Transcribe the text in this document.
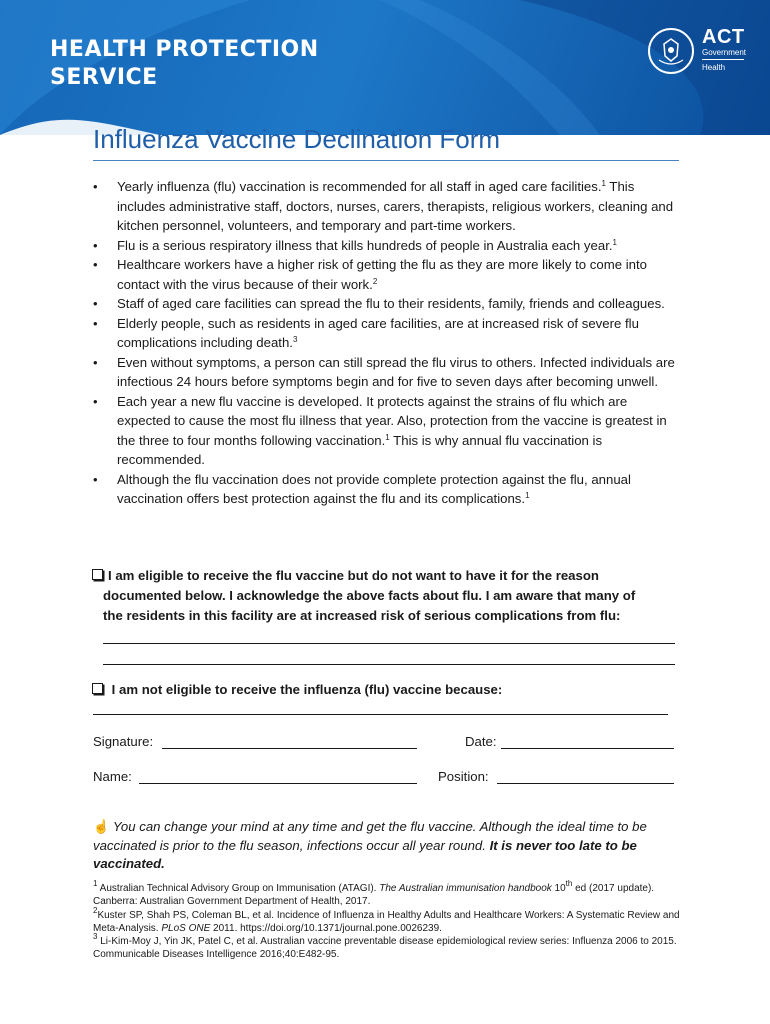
HEALTH PROTECTION
SERVICE
ACT
Government
Health
Influenza Vaccine Declination Form
• Yearly influenza (flu) vaccination is recommended for all staff in aged care facilities.$^1$ This includes administrative staff, doctors, nurses, carers, therapists, religious workers, cleaning and kitchen personnel, volunteers, and temporary and part-time workers.
• Flu is a serious respiratory illness that kills hundreds of people in Australia each year.$^1$
• Healthcare workers have a higher risk of getting the flu as they are more likely to come into contact with the virus because of their work.$^2$
• Staff of aged care facilities can spread the flu to their residents, family, friends and colleagues.
• Elderly people, such as residents in aged care facilities, are at increased risk of severe flu complications including death.$^3$
• Even without symptoms, a person can still spread the flu virus to others. Infected individuals are infectious 24 hours before symptoms begin and for five to seven days after becoming unwell.
• Each year a new flu vaccine is developed. It protects against the strains of flu which are expected to cause the most flu illness that year. Also, protection from the vaccine is greatest in the three to four months following vaccination.$^1$ This is why annual flu vaccination is recommended.
• Although the flu vaccination does not provide complete protection against the flu, annual vaccination offers best protection against the flu and its complications.$^1$
I am eligible to receive the flu vaccine but do not want to have it for the reason
documented below. I acknowledge the above facts about flu. I am aware that many of
the residents in this facility are at increased risk of serious complications from flu:
I am not eligible to receive the influenza (flu) vaccine because:
Signature:	Date:
Name:	Position:
☝ You can change your mind at any time and get the flu vaccine. Although the ideal time to be vaccinated is prior to the flu season, infections occur all year round. It is never too late to be vaccinated.

$^1$ Australian Technical Advisory Group on Immunisation (ATAGI). The Australian immunisation handbook 10th ed (2017 update). Canberra: Australian Government Department of Health, 2017.

$^2$Kuster SP, Shah PS, Coleman BL, et al. Incidence of Influenza in Healthy Adults and Healthcare Workers: A Systematic Review and Meta-Analysis. PLoS ONE 2011. https://doi.org/10.1371/journal.pone.0026239.

$^3$ Li-Kim-Moy J, Yin JK, Patel C, et al. Australian vaccine preventable disease epidemiological review series: Influenza 2006 to 2015. Communicable Diseases Intelligence 2016;40:E482-95.
